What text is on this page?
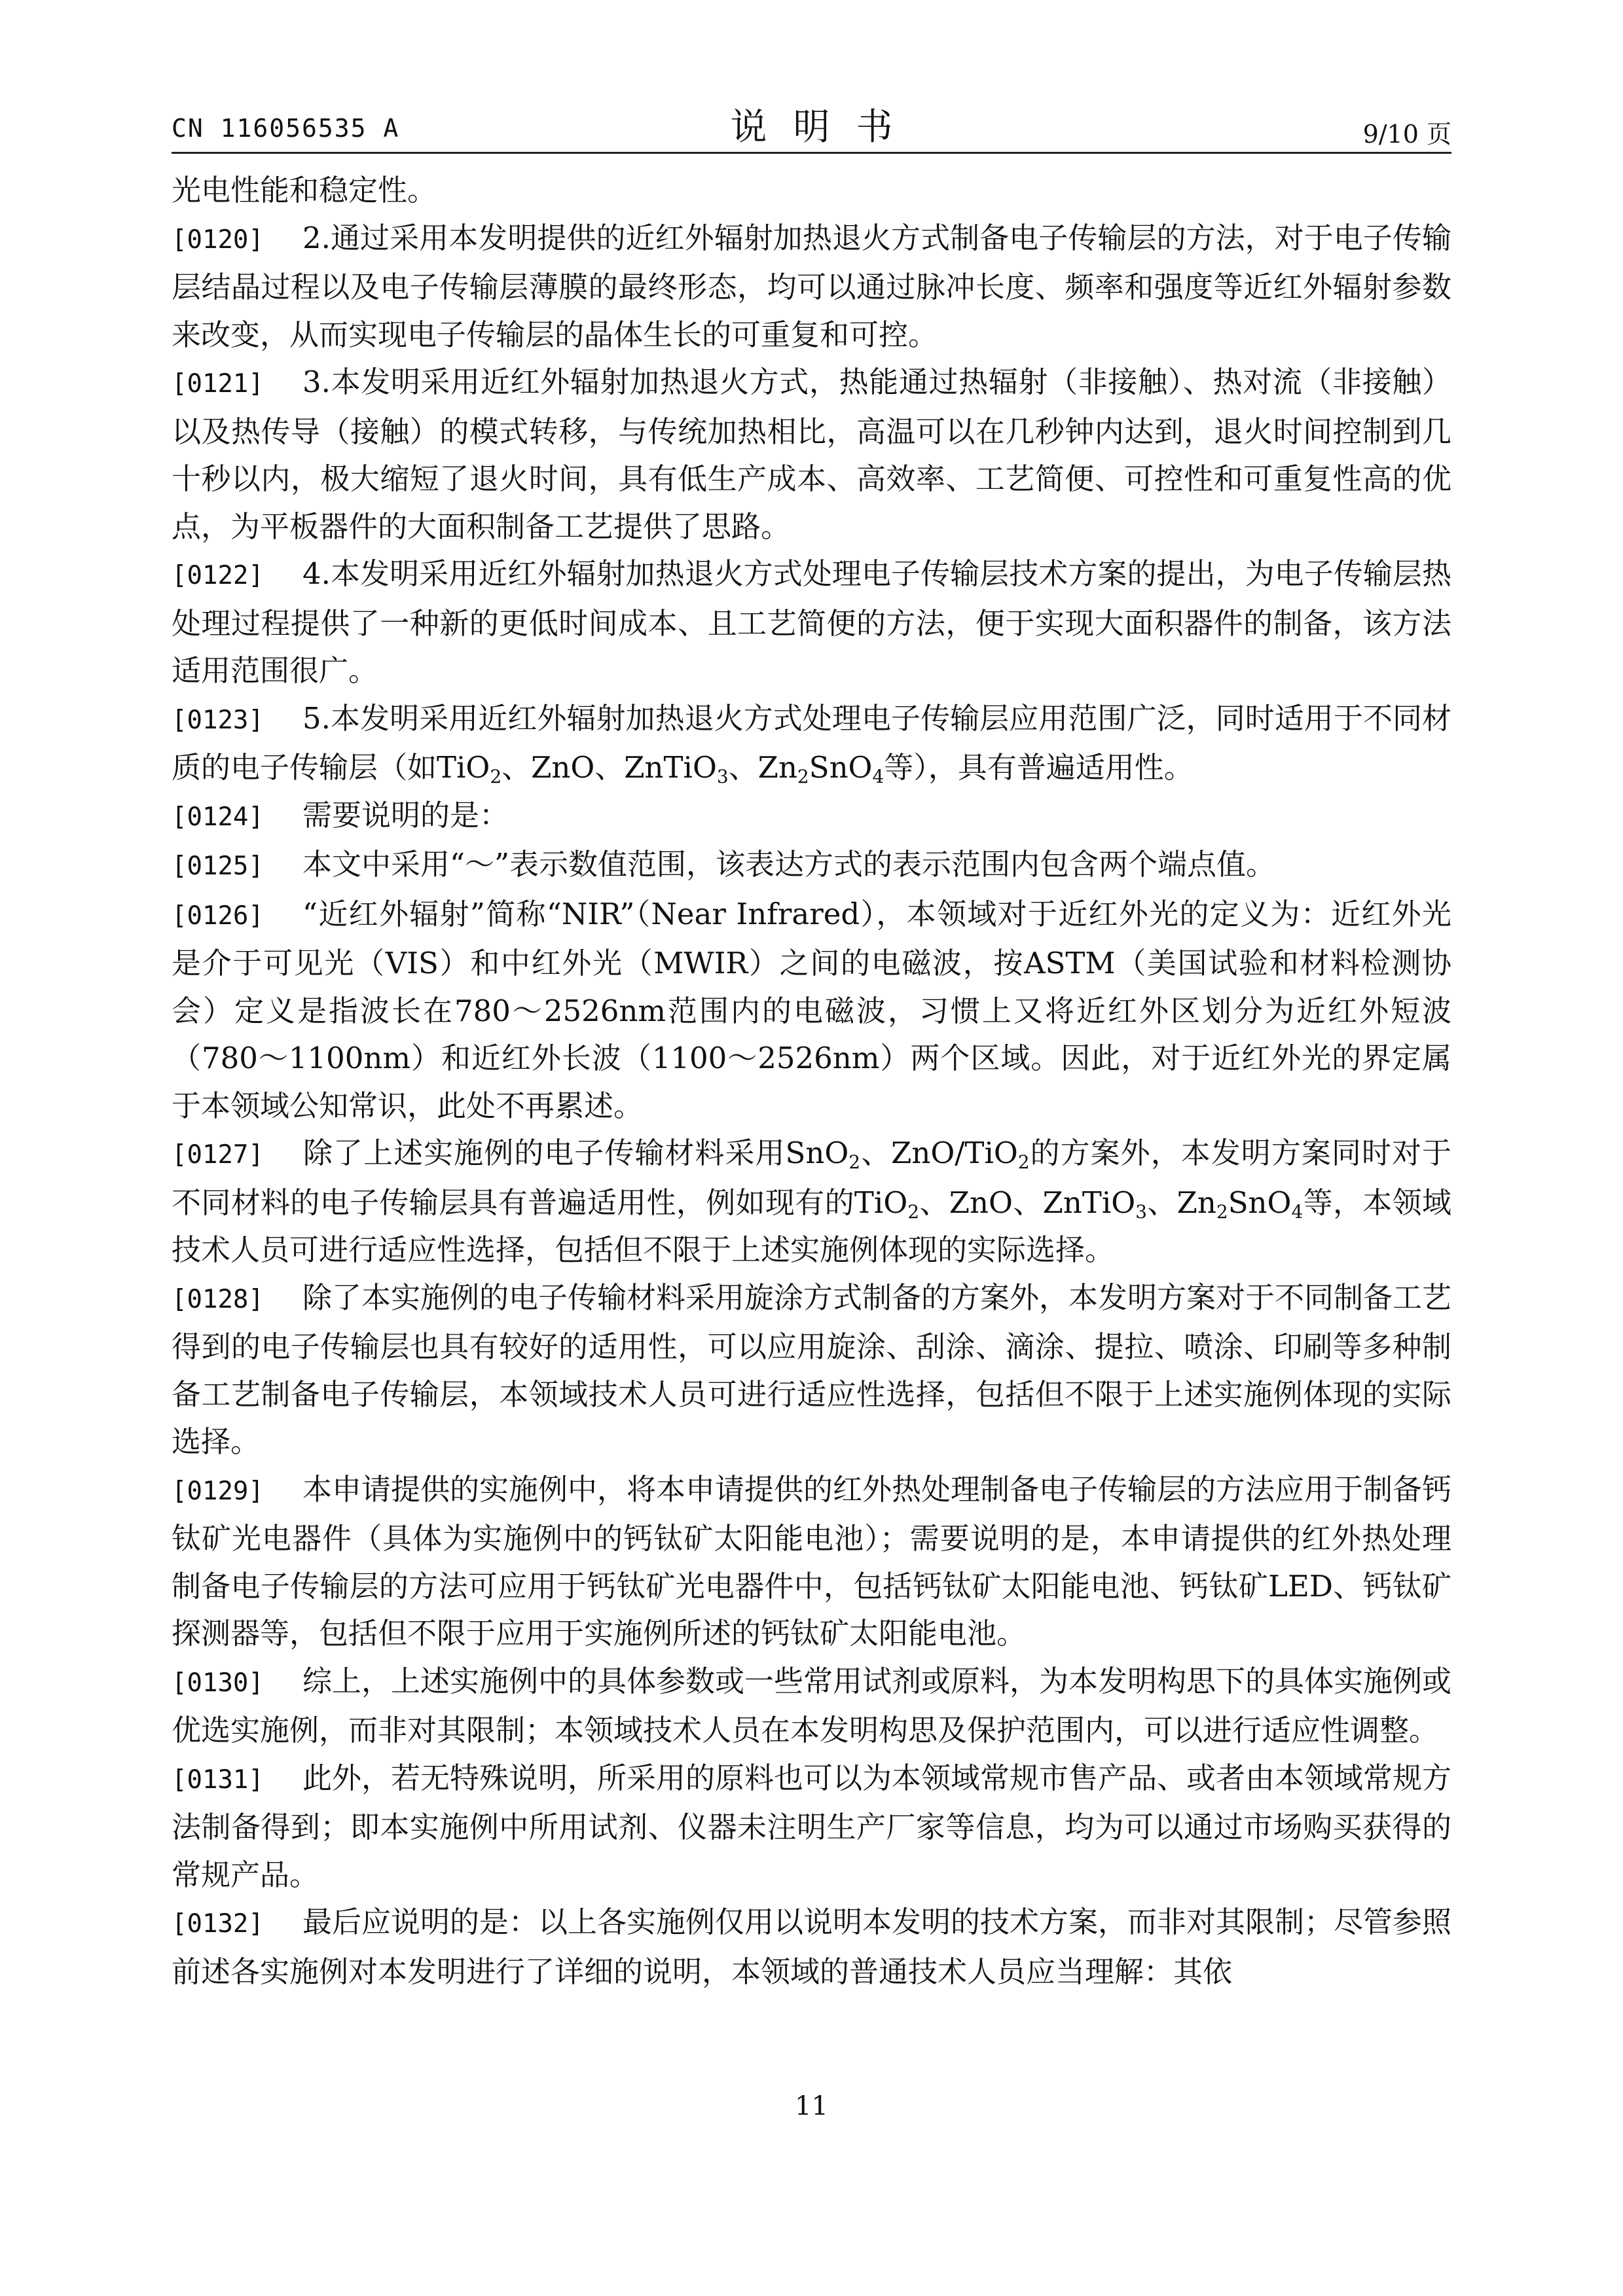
CN 116056535 A	说明书	9/10 页

光电性能和稳定性。

[0120] 2.通过采用本发明提供的近红外辐射加热退火方式制备电子传输层的方法，对于电子传输层结晶过程以及电子传输层薄膜的最终形态，均可以通过脉冲长度、频率和强度等近红外辐射参数来改变，从而实现电子传输层的晶体生长的可重复和可控。

[0121] 3.本发明采用近红外辐射加热退火方式，热能通过热辐射（非接触）、热对流（非接触）以及热传导（接触）的模式转移，与传统加热相比，高温可以在几秒钟内达到，退火时间控制到几十秒以内，极大缩短了退火时间，具有低生产成本、高效率、工艺简便、可控性和可重复性高的优点，为平板器件的大面积制备工艺提供了思路。

[0122] 4.本发明采用近红外辐射加热退火方式处理电子传输层技术方案的提出，为电子传输层热处理过程提供了一种新的更低时间成本、且工艺简便的方法，便于实现大面积器件的制备，该方法适用范围很广。

[0123] 5.本发明采用近红外辐射加热退火方式处理电子传输层应用范围广泛，同时适用于不同材质的电子传输层（如TiO$_2$、ZnO、ZnTiO$_3$、$Zn_2SnO_4$等），具有普遍适用性。

[0124] 需要说明的是：

[0125] 本文中采用“～”表示数值范围，该表达方式的表示范围内包含两个端点值。

[0126] “近红外辐射”简称“NIR”（Near Infrared），本领域对于近红外光的定义为：近红外光是介于可见光（VIS）和中红外光（MWIR）之间的电磁波，按ASTM（美国试验和材料检测协会）定义是指波长在780～2526nm范围内的电磁波，习惯上又将近红外区划分为近红外短波（780～1100nm）和近红外长波（1100～2526nm）两个区域。因此，对于近红外光的界定属于本领域公知常识，此处不再累述。

[0127] 除了上述实施例的电子传输材料采用SnO$_2$、ZnO/TiO$_2$的方案外，本发明方案同时对于不同材料的电子传输层具有普遍适用性，例如现有的TiO$_2$、ZnO、ZnTiO$_3$、$Zn_2SnO_4$等，本领域技术人员可进行适应性选择，包括但不限于上述实施例体现的实际选择。

[0128] 除了本实施例的电子传输材料采用旋涂方式制备的方案外，本发明方案对于不同制备工艺得到的电子传输层也具有较好的适用性，可以应用旋涂、刮涂、滴涂、提拉、喷涂、印刷等多种制备工艺制备电子传输层，本领域技术人员可进行适应性选择，包括但不限于上述实施例体现的实际选择。

[0129] 本申请提供的实施例中，将本申请提供的红外热处理制备电子传输层的方法应用于制备钙钛矿光电器件（具体为实施例中的钙钛矿太阳能电池）；需要说明的是，本申请提供的红外热处理制备电子传输层的方法可应用于钙钛矿光电器件中，包括钙钛矿太阳能电池、钙钛矿LED、钙钛矿探测器等，包括但不限于应用于实施例所述的钙钛矿太阳能电池。

[0130] 综上，上述实施例中的具体参数或一些常用试剂或原料，为本发明构思下的具体实施例或优选实施例，而非对其限制；本领域技术人员在本发明构思及保护范围内，可以进行适应性调整。

[0131] 此外，若无特殊说明，所采用的原料也可以为本领域常规市售产品、或者由本领域常规方法制备得到；即本实施例中所用试剂、仪器未注明生产厂家等信息，均为可以通过市场购买获得的常规产品。

[0132] 最后应说明的是：以上各实施例仅用以说明本发明的技术方案，而非对其限制；尽管参照前述各实施例对本发明进行了详细的说明，本领域的普通技术人员应当理解：其依

11
